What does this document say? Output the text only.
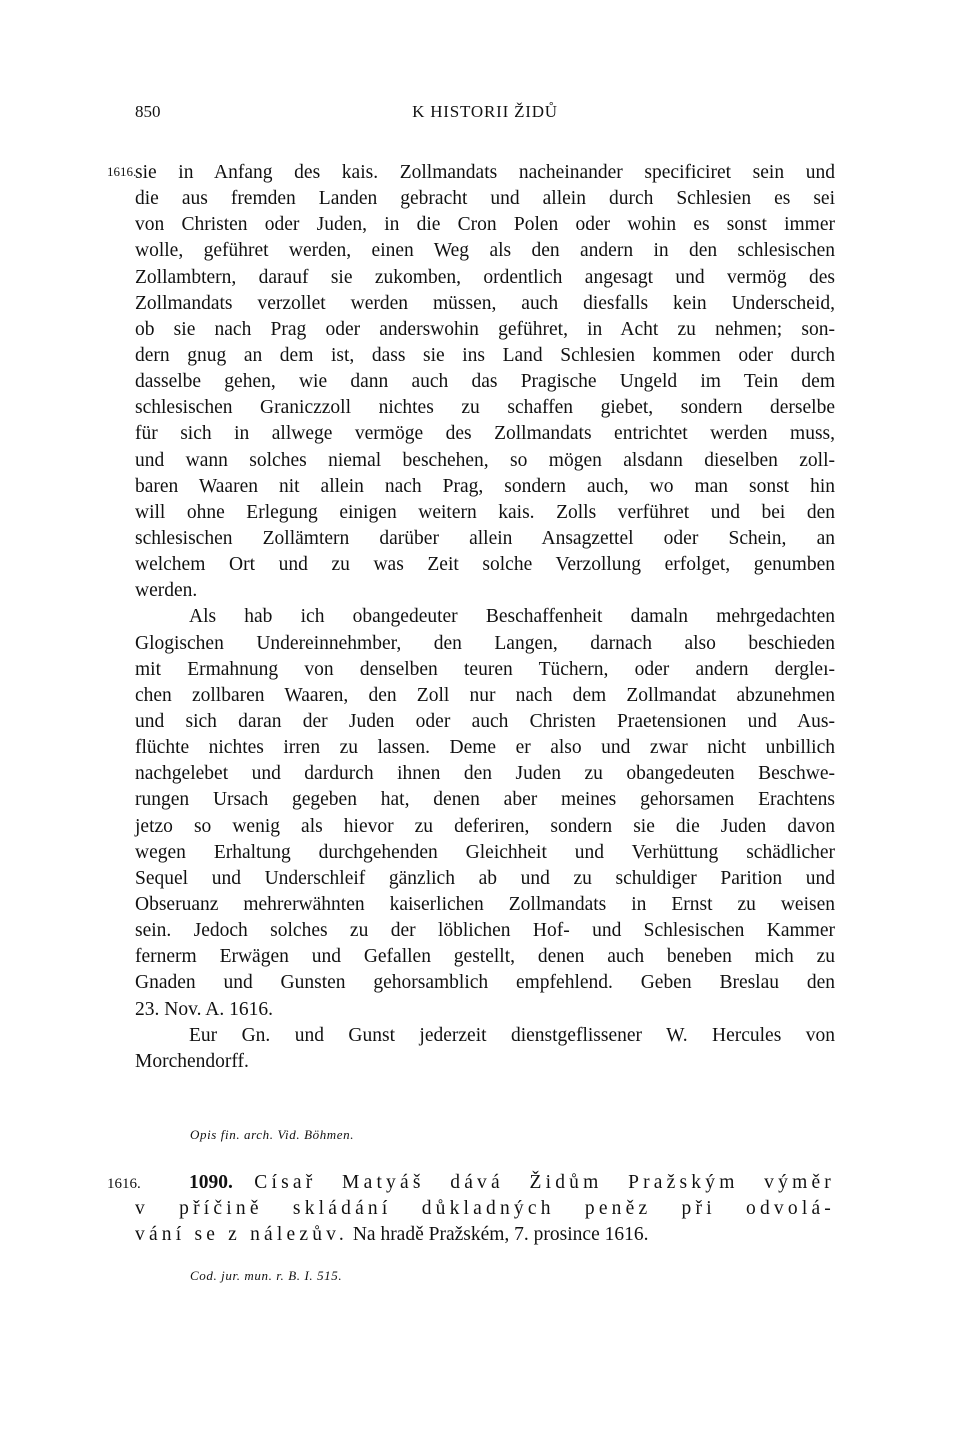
850	K HISTORII ŽIDŮ
1616.
sie in Anfang des kais. Zollmandats nacheinander specificiret sein und
die aus fremden Landen gebracht und allein durch Schlesien es sei
von Christen oder Juden, in die Cron Polen oder wohin es sonst immer
wolle, geführet werden, einen Weg als den andern in den schlesischen
Zollambtern, darauf sie zukomben, ordentlich angesagt und vermög des
Zollmandats verzollet werden müssen, auch diesfalls kein Underscheid,
ob sie nach Prag oder anderswohin geführet, in Acht zu nehmen; son-
dern gnug an dem ist, dass sie ins Land Schlesien kommen oder durch
dasselbe gehen, wie dann auch das Pragische Ungeld im Tein dem
schlesischen Graniczzoll nichtes zu schaffen giebet, sondern derselbe
für sich in allwege vermöge des Zollmandats entrichtet werden muss,
und wann solches niemal beschehen, so mögen alsdann dieselben zoll-
baren Waaren nit allein nach Prag, sondern auch, wo man sonst hin
will ohne Erlegung einigen weitern kais. Zolls verführet und bei den
schlesischen Zollämtern darüber allein Ansagzettel oder Schein, an
welchem Ort und zu was Zeit solche Verzollung erfolget, genumben
werden.
Als hab ich obangedeuter Beschaffenheit damaln mehrgedachten
Glogischen Undereinnehmber, den Langen, darnach also beschieden
mit Ermahnung von denselben teuren Tüchern, oder andern dergleı-
chen zollbaren Waaren, den Zoll nur nach dem Zollmandat abzunehmen
und sich daran der Juden oder auch Christen Praetensionen und Aus-
flüchte nichtes irren zu lassen. Deme er also und zwar nicht unbillich
nachgelebet und dardurch ihnen den Juden zu obangedeuten Beschwe-
rungen Ursach gegeben hat, denen aber meines gehorsamen Erachtens
jetzo so wenig als hievor zu deferiren, sondern sie die Juden davon
wegen Erhaltung durchgehenden Gleichheit und Verhüttung schädlicher
Sequel und Underschleif gänzlich ab und zu schuldiger Parition und
Obseruanz mehrerwähnten kaiserlichen Zollmandats in Ernst zu weisen
sein. Jedoch solches zu der löblichen Hof- und Schlesischen Kammer
fernerm Erwägen und Gefallen gestellt, denen auch beneben mich zu
Gnaden und Gunsten gehorsamblich empfehlend. Geben Breslau den
23. Nov. A. 1616.
Eur Gn. und Gunst jederzeit dienstgeflissener W. Hercules von
Morchendorff.
Opis fin. arch. Vid. Böhmen.
1616.	1090. Císař Matyáš dává Židům Pražským výměr
v příčině skládání důkladných peněz při odvolá-
vání se z nálezův. Na hradě Pražském, 7. prosince 1616.
Cod. jur. mun. r. B. I. 515.
